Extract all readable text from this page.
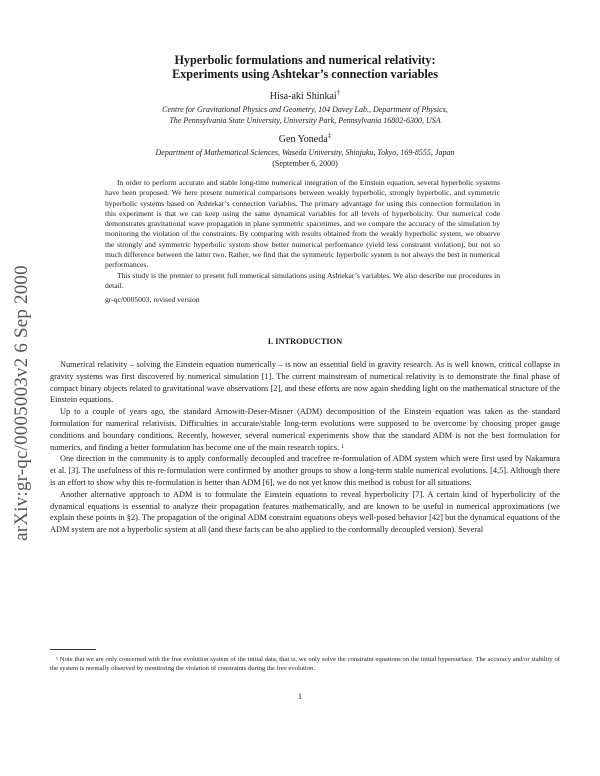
arXiv:gr-qc/0005003v2 6 Sep 2000
Hyperbolic formulations and numerical relativity:
Experiments using Ashtekar’s connection variables
Hisa-aki Shinkai†
Centre for Gravitational Physics and Geometry, 104 Davey Lab., Department of Physics,
The Pennsylvania State University, University Park, Pennsylvania 16802-6300, USA
Gen Yoneda‡
Department of Mathematical Sciences, Waseda University, Shinjuku, Tokyo, 169-8555, Japan
(September 6, 2000)

In order to perform accurate and stable long-time numerical integration of the Einstein equation, several hyperbolic systems have been proposed. We here present numerical comparisons between weakly hyperbolic, strongly hyperbolic, and symmetric hyperbolic systems based on Ashtekar’s connection variables. The primary advantage for using this connection formulation in this experiment is that we can keep using the same dynamical variables for all levels of hyperbolicity. Our numerical code demonstrates gravitational wave propagation in plane symmetric spacetimes, and we compare the accuracy of the simulation by monitoring the violation of the constraints. By comparing with results obtained from the weakly hyperbolic system, we observe the strongly and symmetric hyperbolic system show better numerical performance (yield less constraint violation), but not so much difference between the latter two. Rather, we find that the symmetric hyperbolic system is not always the best in numerical performances.

This study is the premier to present full numerical simulations using Ashtekar’s variables. We also describe our procedures in detail.

gr-qc/0005003, revised version
I. INTRODUCTION

Numerical relativity – solving the Einstein equation numerically – is now an essential field in gravity research. As is well known, critical collapse in gravity systems was first discovered by numerical simulation [1]. The current mainstream of numerical relativity is to demonstrate the final phase of compact binary objects related to gravitational wave observations [2], and these efforts are now again shedding light on the mathematical structure of the Einstein equations.

Up to a couple of years ago, the standard Arnowitt-Deser-Misner (ADM) decomposition of the Einstein equation was taken as the standard formulation for numerical relativists. Difficulties in accurate/stable long-term evolutions were supposed to be overcome by choosing proper gauge conditions and boundary conditions. Recently, however, several numerical experiments show that the standard ADM is not the best formulation for numerics, and finding a better formulation has become one of the main research topics. ¹

One direction in the community is to apply conformally decoupled and tracefree re-formulation of ADM system which were first used by Nakamura et al. [3]. The usefulness of this re-formulation were confirmed by another groups to show a long-term stable numerical evolutions. [4,5]. Although there is an effort to show why this re-formulation is better than ADM [6], we do not yet know this method is robust for all situations.

Another alternative approach to ADM is to formulate the Einstein equations to reveal hyperbolicity [7]. A certain kind of hyperbolicity of the dynamical equations is essential to analyze their propagation features mathematically, and are known to be useful in numerical approximations (we explain these points in §2). The propagation of the original ADM constraint equations obeys well-posed behavior [42] but the dynamical equations of the ADM system are not a hyperbolic system at all (and these facts can be also applied to the conformally decoupled version). Several

¹ Note that we are only concerned with the free evolution system of the initial data, that is, we only solve the constraint equations on the initial hypersurface. The accuracy and/or stability of the system is normally observed by monitoring the violation of constraints during the free evolution.

1
